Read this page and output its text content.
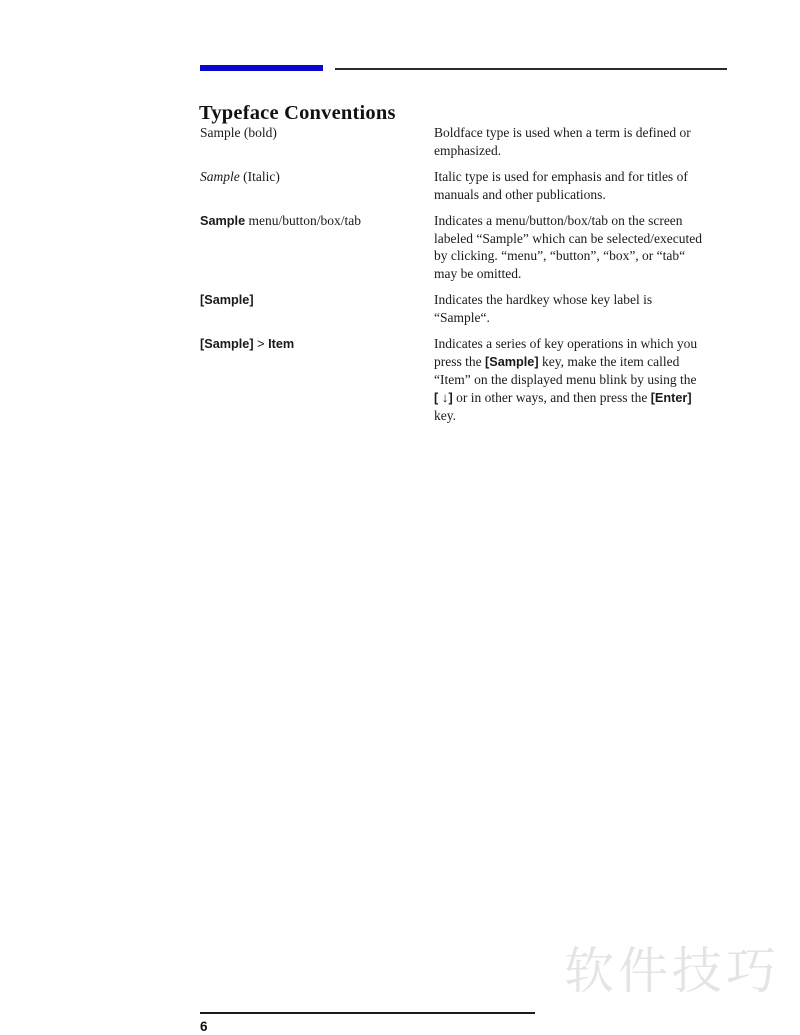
Typeface Conventions
Sample (bold)	Boldface type is used when a term is defined or
emphasized.
Sample (Italic)	Italic type is used for emphasis and for titles of
manuals and other publications.
Sample menu/button/box/tab	Indicates a menu/button/box/tab on the screen
labeled “Sample” which can be selected/executed
by clicking. “menu”, “button”, “box”, or “tab“
may be omitted.
[Sample]	Indicates the hardkey whose key label is
“Sample“.
[Sample] > Item	Indicates a series of key operations in which you
press the [Sample] key, make the item called
“Item” on the displayed menu blink by using the
[ ↓] or in other ways, and then press the [Enter]
key.
软件技巧
6
